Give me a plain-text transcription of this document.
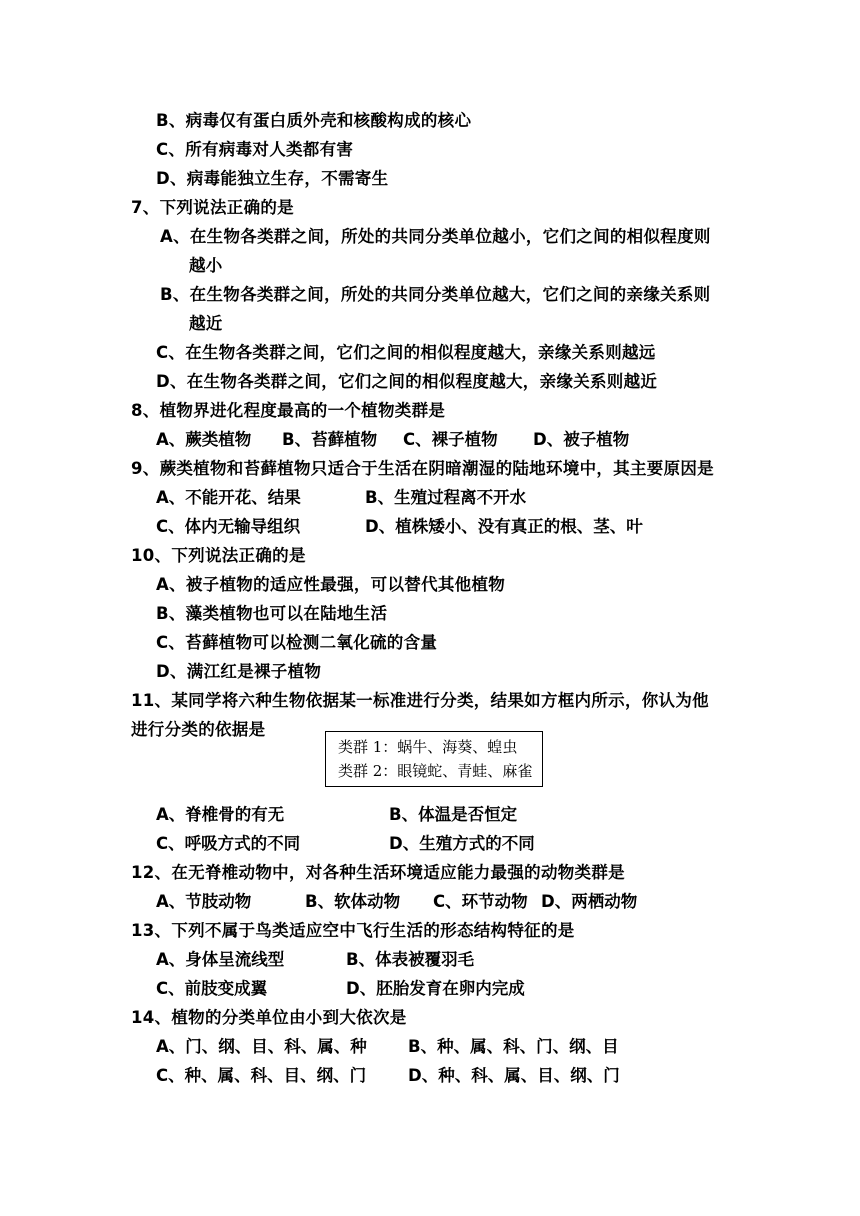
B、病毒仅有蛋白质外壳和核酸构成的核心
C、所有病毒对人类都有害
D、病毒能独立生存，不需寄生
7、下列说法正确的是
A、在生物各类群之间，所处的共同分类单位越小，它们之间的相似程度则
越小
B、在生物各类群之间，所处的共同分类单位越大，它们之间的亲缘关系则
越近
C、在生物各类群之间，它们之间的相似程度越大，亲缘关系则越远
D、在生物各类群之间，它们之间的相似程度越大，亲缘关系则越近
8、植物界进化程度最高的一个植物类群是
A、蕨类植物 B、苔藓植物 C、裸子植物 D、被子植物
9、蕨类植物和苔藓植物只适合于生活在阴暗潮湿的陆地环境中，其主要原因是
A、不能开花、结果	B、生殖过程离不开水
C、体内无输导组织	D、植株矮小、没有真正的根、茎、叶
10、下列说法正确的是
A、被子植物的适应性最强，可以替代其他植物
B、藻类植物也可以在陆地生活
C、苔藓植物可以检测二氧化硫的含量
D、满江红是裸子植物
11、某同学将六种生物依据某一标准进行分类，结果如方框内所示，你认为他
进行分类的依据是
类群 1：蜗牛、海葵、蝗虫
类群 2：眼镜蛇、青蛙、麻雀
A、脊椎骨的有无	B、体温是否恒定
C、呼吸方式的不同	D、生殖方式的不同
12、在无脊椎动物中，对各种生活环境适应能力最强的动物类群是
A、节肢动物	B、软体动物 C、环节动物 D、两栖动物
13、下列不属于鸟类适应空中飞行生活的形态结构特征的是
A、身体呈流线型	B、体表被覆羽毛
C、前肢变成翼	D、胚胎发育在卵内完成
14、植物的分类单位由小到大依次是
A、门、纲、目、科、属、种 B、种、属、科、门、纲、目
C、种、属、科、目、纲、门	D、种、科、属、目、纲、门
